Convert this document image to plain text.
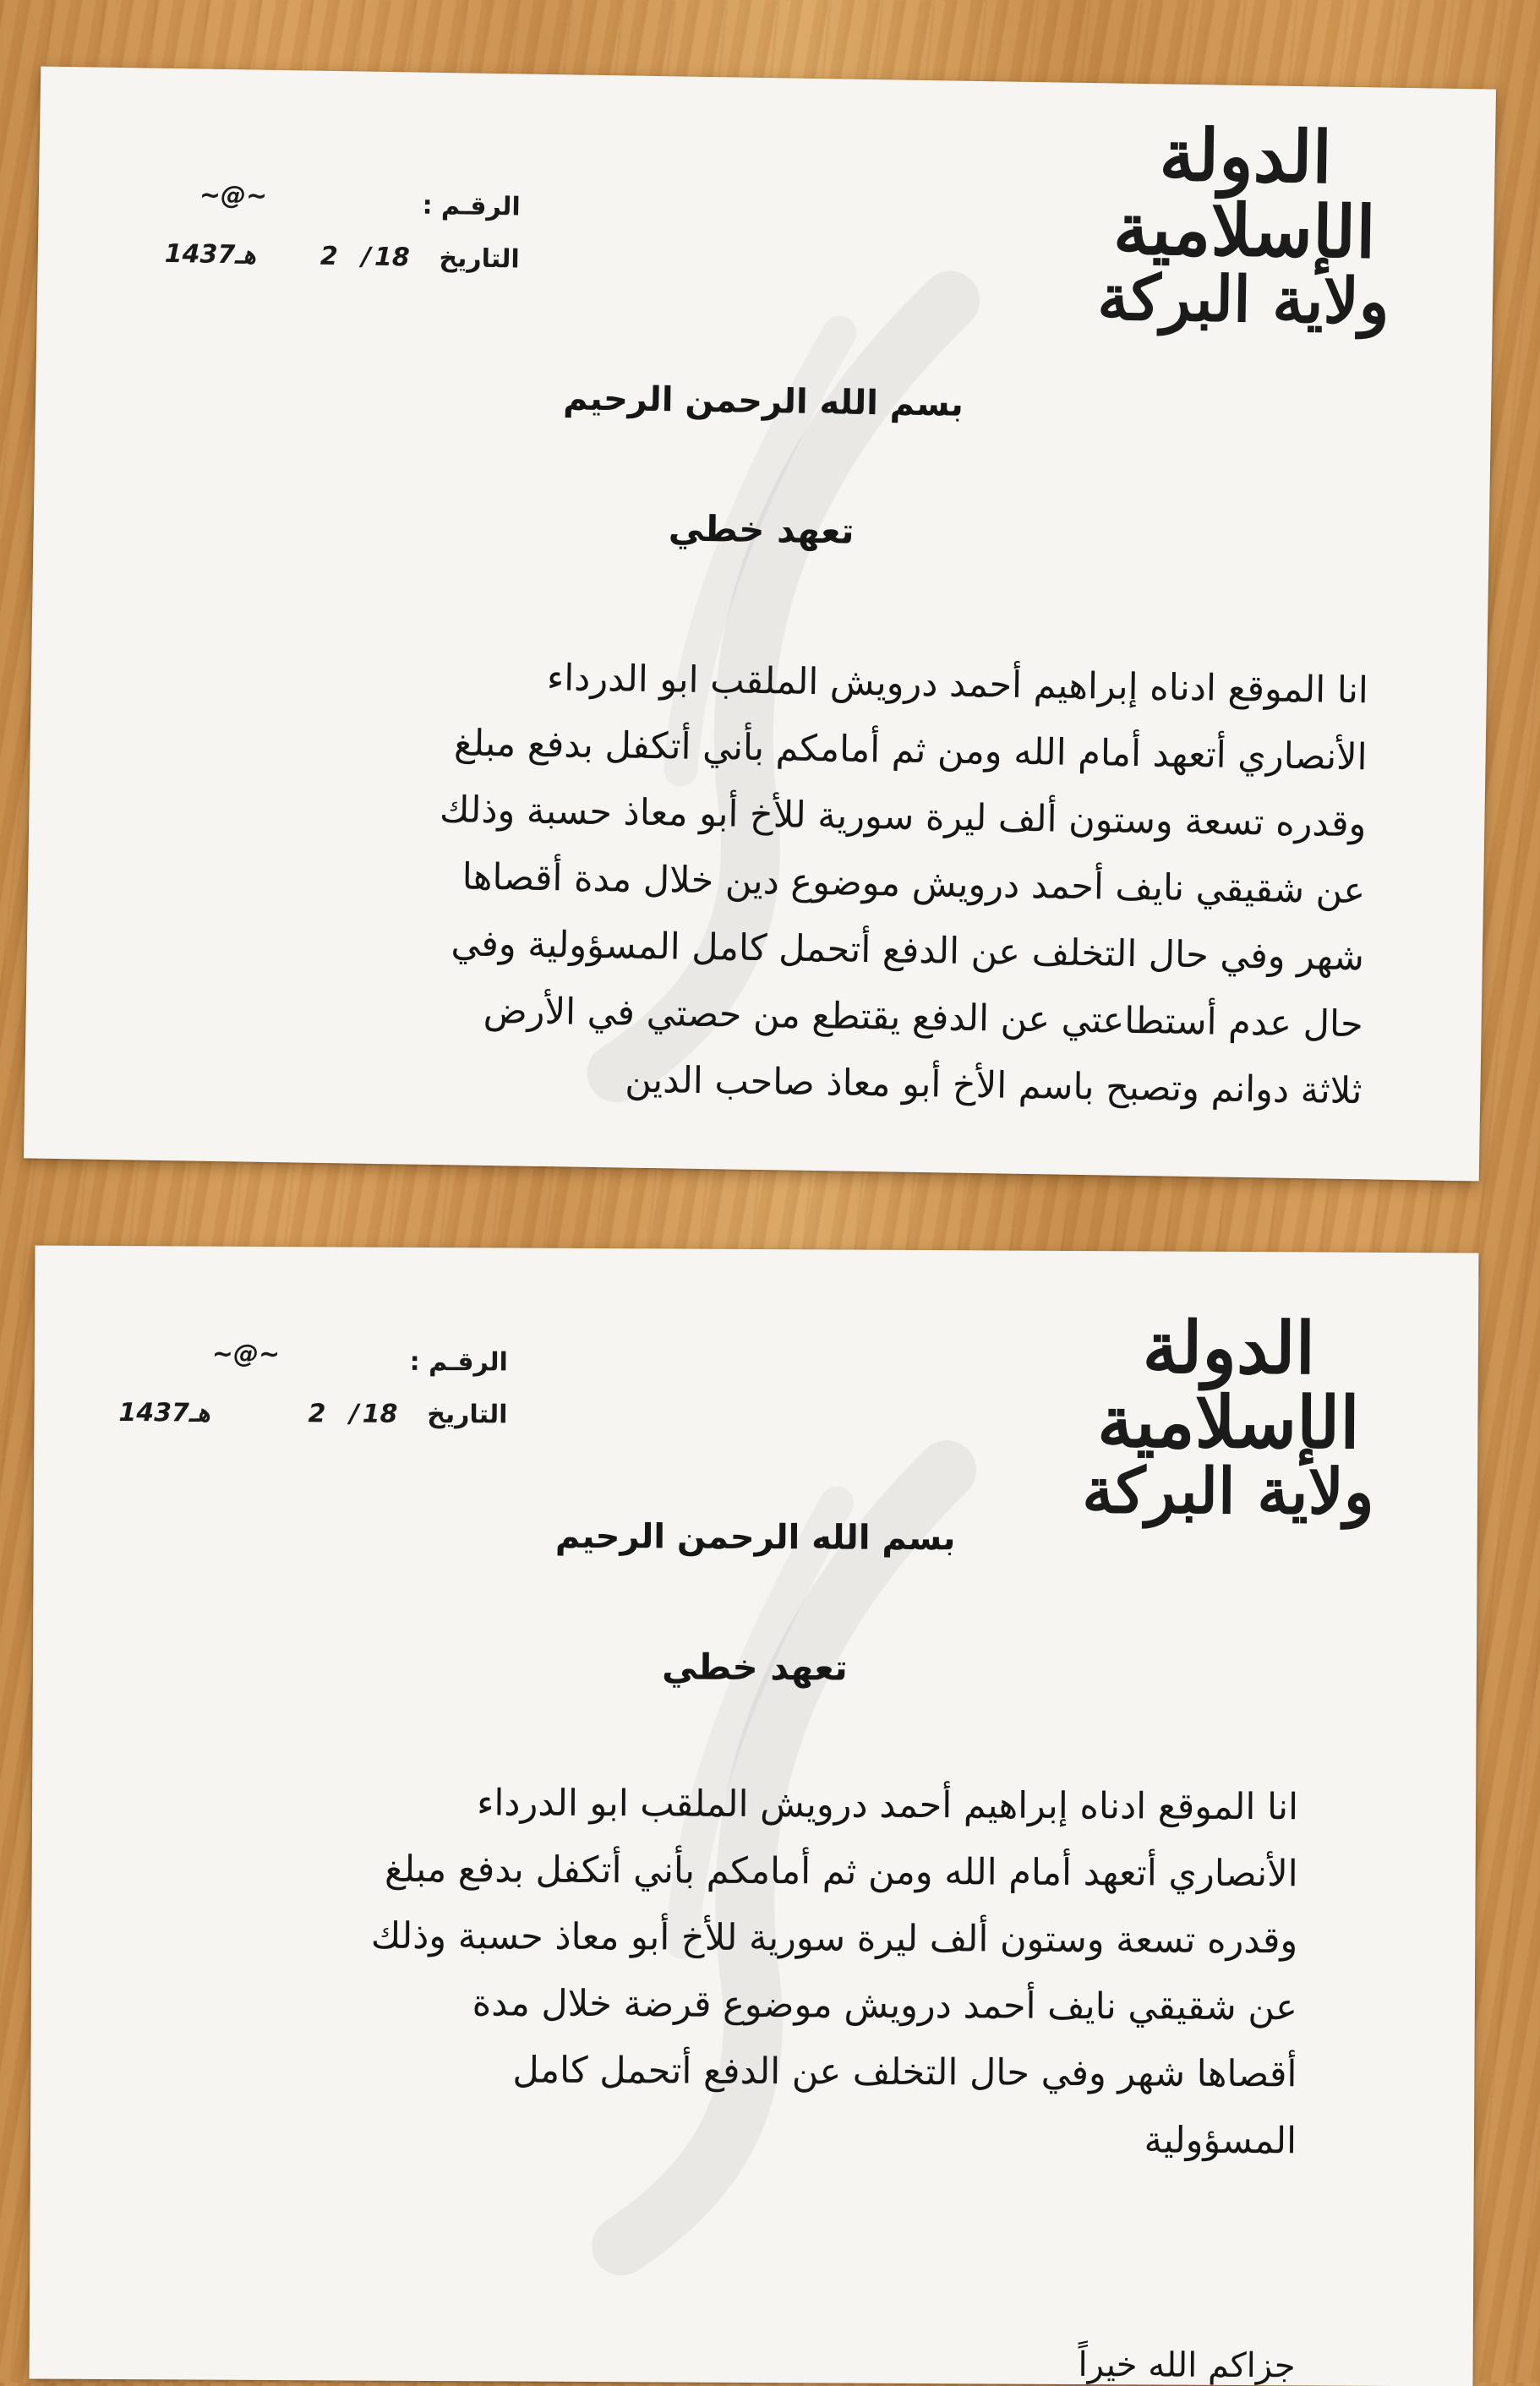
الدولة الإسلامية
ولاية البركة
الرقـم :
~@~
التاريخ
18
/
2
1437هـ
بسم الله الرحمن الرحيم
تعهد خطي

انا الموقع ادناه إبراهيم أحمد درويش الملقب ابو الدرداء

الأنصاري أتعهد أمام الله ومن ثم أمامكم بأني أتكفل بدفع مبلغ

وقدره تسعة وستون ألف ليرة سورية للأخ أبو معاذ حسبة وذلك

عن شقيقي نايف أحمد درويش موضوع دين خلال مدة أقصاها

شهر وفي حال التخلف عن الدفع أتحمل كامل المسؤولية وفي

حال عدم أستطاعتي عن الدفع يقتطع من حصتي في الأرض

ثلاثة دوانم وتصبح باسم الأخ أبو معاذ صاحب الدين

الدولة الإسلامية
ولاية البركة
الرقـم :
~@~
التاريخ
18
/
2
1437هـ
بسم الله الرحمن الرحيم
تعهد خطي

انا الموقع ادناه إبراهيم أحمد درويش الملقب ابو الدرداء

الأنصاري أتعهد أمام الله ومن ثم أمامكم بأني أتكفل بدفع مبلغ

وقدره تسعة وستون ألف ليرة سورية للأخ أبو معاذ حسبة وذلك

عن شقيقي نايف أحمد درويش موضوع قرضة خلال مدة

أقصاها شهر وفي حال التخلف عن الدفع أتحمل كامل

المسؤولية

جزاكم الله خيراً
